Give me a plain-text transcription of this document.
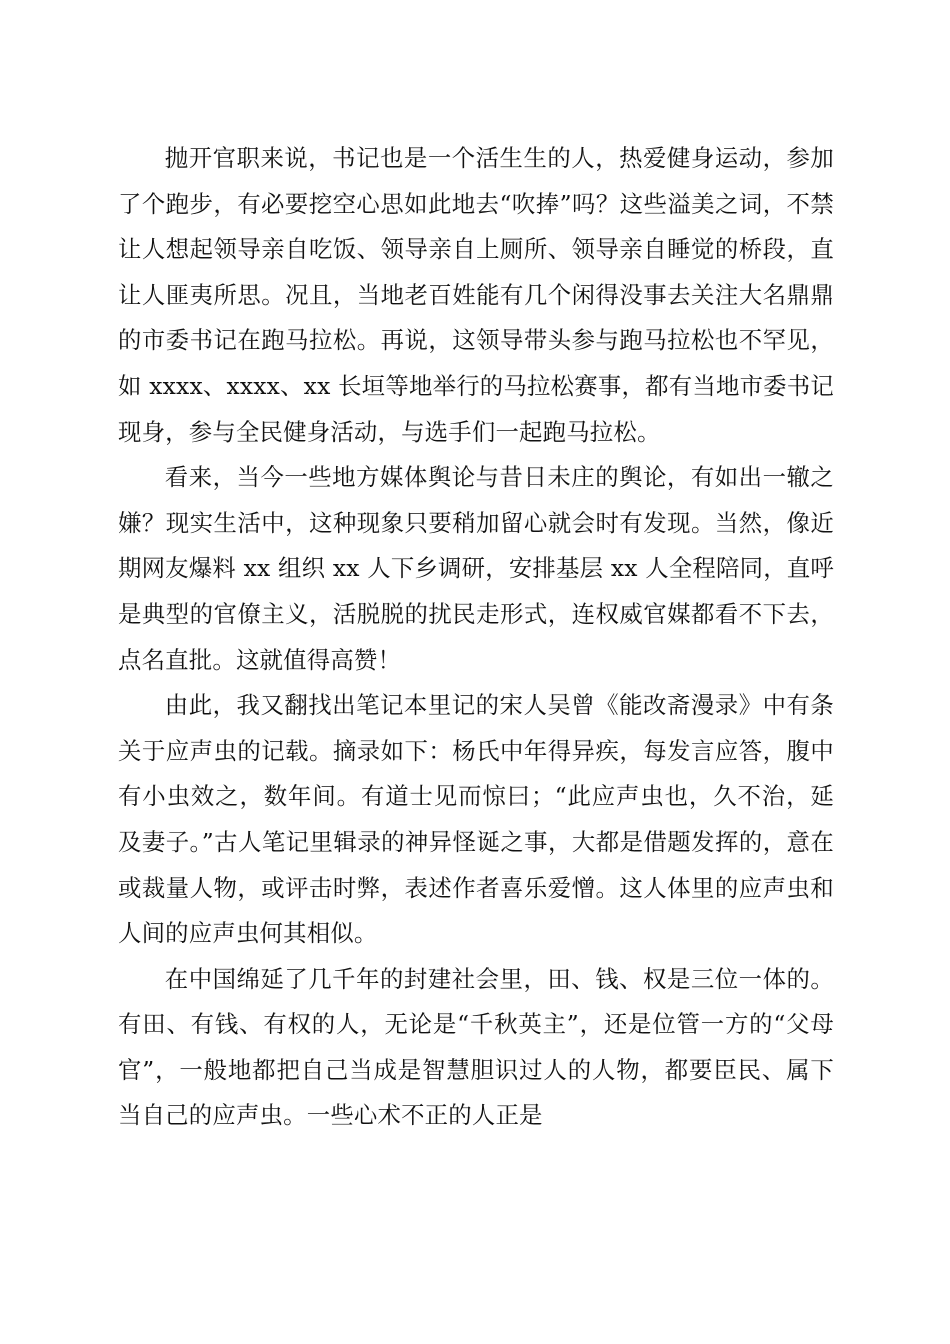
抛开官职来说，书记也是一个活生生的人，热爱健身运动，参加了个跑步，有必要挖空心思如此地去“吹捧”吗？这些溢美之词，不禁让人想起领导亲自吃饭、领导亲自上厕所、领导亲自睡觉的桥段，直让人匪夷所思。况且，当地老百姓能有几个闲得没事去关注大名鼎鼎的市委书记在跑马拉松。再说，这领导带头参与跑马拉松也不罕见，如 xxxx、xxxx、xx 长垣等地举行的马拉松赛事，都有当地市委书记现身，参与全民健身活动，与选手们一起跑马拉松。

看来，当今一些地方媒体舆论与昔日未庄的舆论，有如出一辙之嫌？现实生活中，这种现象只要稍加留心就会时有发现。当然，像近期网友爆料 xx 组织 xx 人下乡调研，安排基层 xx 人全程陪同，直呼是典型的官僚主义，活脱脱的扰民走形式，连权威官媒都看不下去，点名直批。这就值得高赞！

由此，我又翻找出笔记本里记的宋人吴曾《能改斋漫录》中有条关于应声虫的记载。摘录如下：杨氏中年得异疾，每发言应答，腹中有小虫效之，数年间。有道士见而惊曰；“此应声虫也，久不治，延及妻子。”古人笔记里辑录的神异怪诞之事，大都是借题发挥的，意在或裁量人物，或评击时弊，表述作者喜乐爱憎。这人体里的应声虫和人间的应声虫何其相似。

在中国绵延了几千年的封建社会里，田、钱、权是三位一体的。有田、有钱、有权的人，无论是“千秋英主”，还是位管一方的“父母官”，一般地都把自己当成是智慧胆识过人的人物，都要臣民、属下当自己的应声虫。一些心术不正的人正是
